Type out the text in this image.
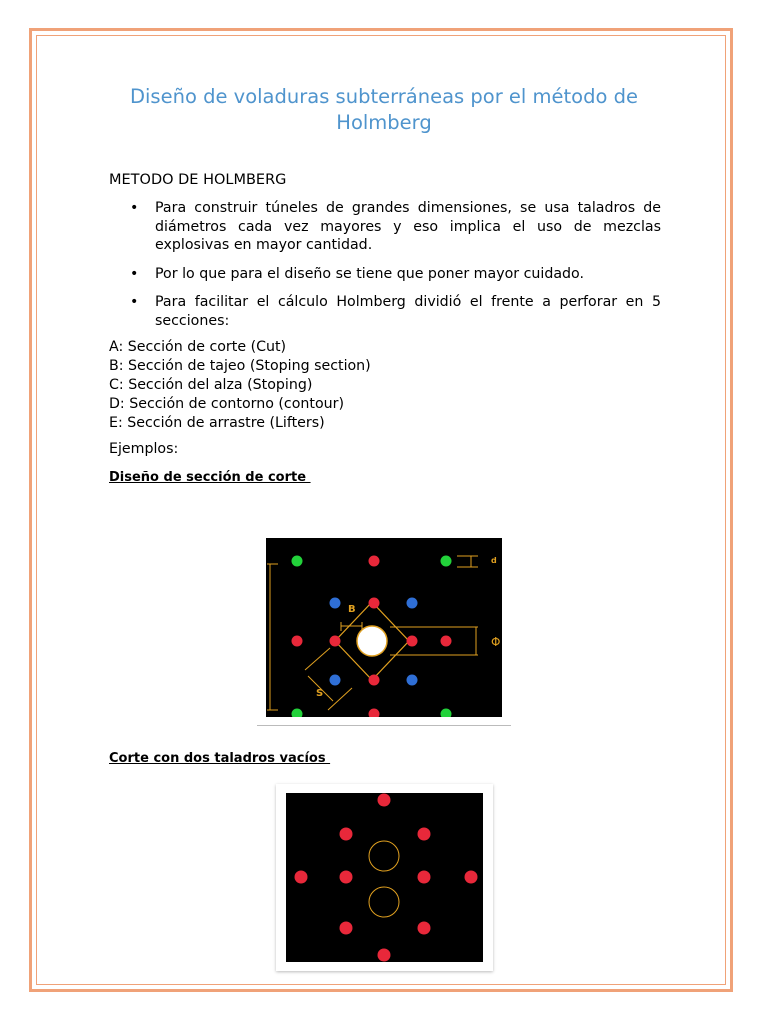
Diseño de voladuras subterráneas por el método de Holmberg
METODO DE HOLMBERG
• Para construir túneles de grandes dimensiones, se usa taladros de diámetros cada vez mayores y eso implica el uso de mezclas explosivas en mayor cantidad.
• Por lo que para el diseño se tiene que poner mayor cuidado.
• Para facilitar el cálculo Holmberg dividió el frente a perforar en 5 secciones:
A: Sección de corte (Cut)
B: Sección de tajeo (Stoping section)
C: Sección del alza (Stoping)
D: Sección de contorno (contour)
E: Sección de arrastre (Lifters)
Ejemplos:
Diseño de sección de corte
B
S
d
Φ
Corte con dos taladros vacíos
